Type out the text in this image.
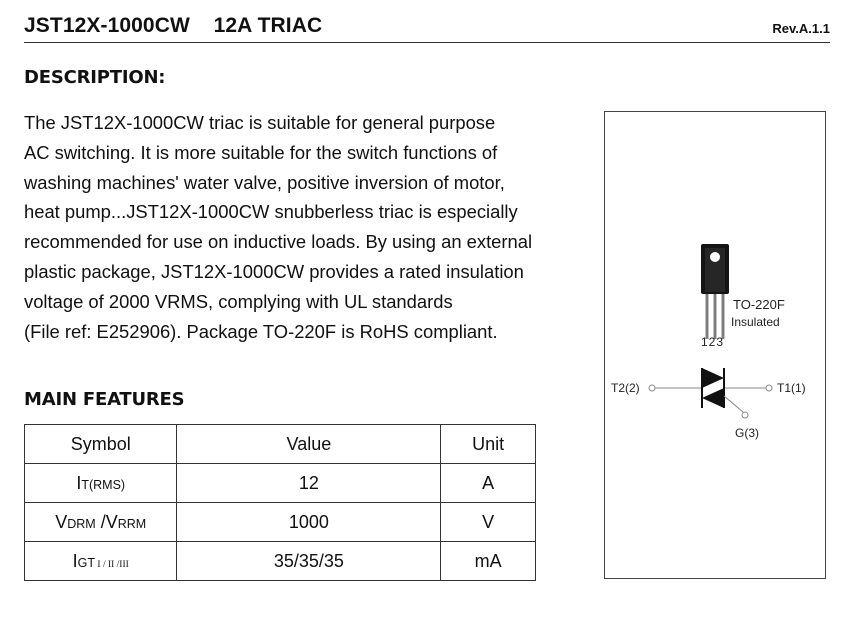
JST12X-1000CW    12A TRIAC	Rev.A.1.1
DESCRIPTION:
The JST12X-1000CW triac is suitable for general purpose
AC switching. It is more suitable for the switch functions of
washing machines' water valve, positive inversion of motor,
heat pump...JST12X-1000CW snubberless triac is especially
recommended for use on inductive loads. By using an external
plastic package, JST12X-1000CW provides a rated insulation
voltage of 2000 VRMS, complying with UL standards
(File ref: E252906). Package TO-220F is RoHS compliant.
MAIN FEATURES
Symbol	Value	Unit
IT(RMS)	12	A
VDRM /VRRM	1000	V
IGT I / II /III	35/35/35	mA
123
TO-220F
Insulated
T2(2)	T1(1)
G(3)
